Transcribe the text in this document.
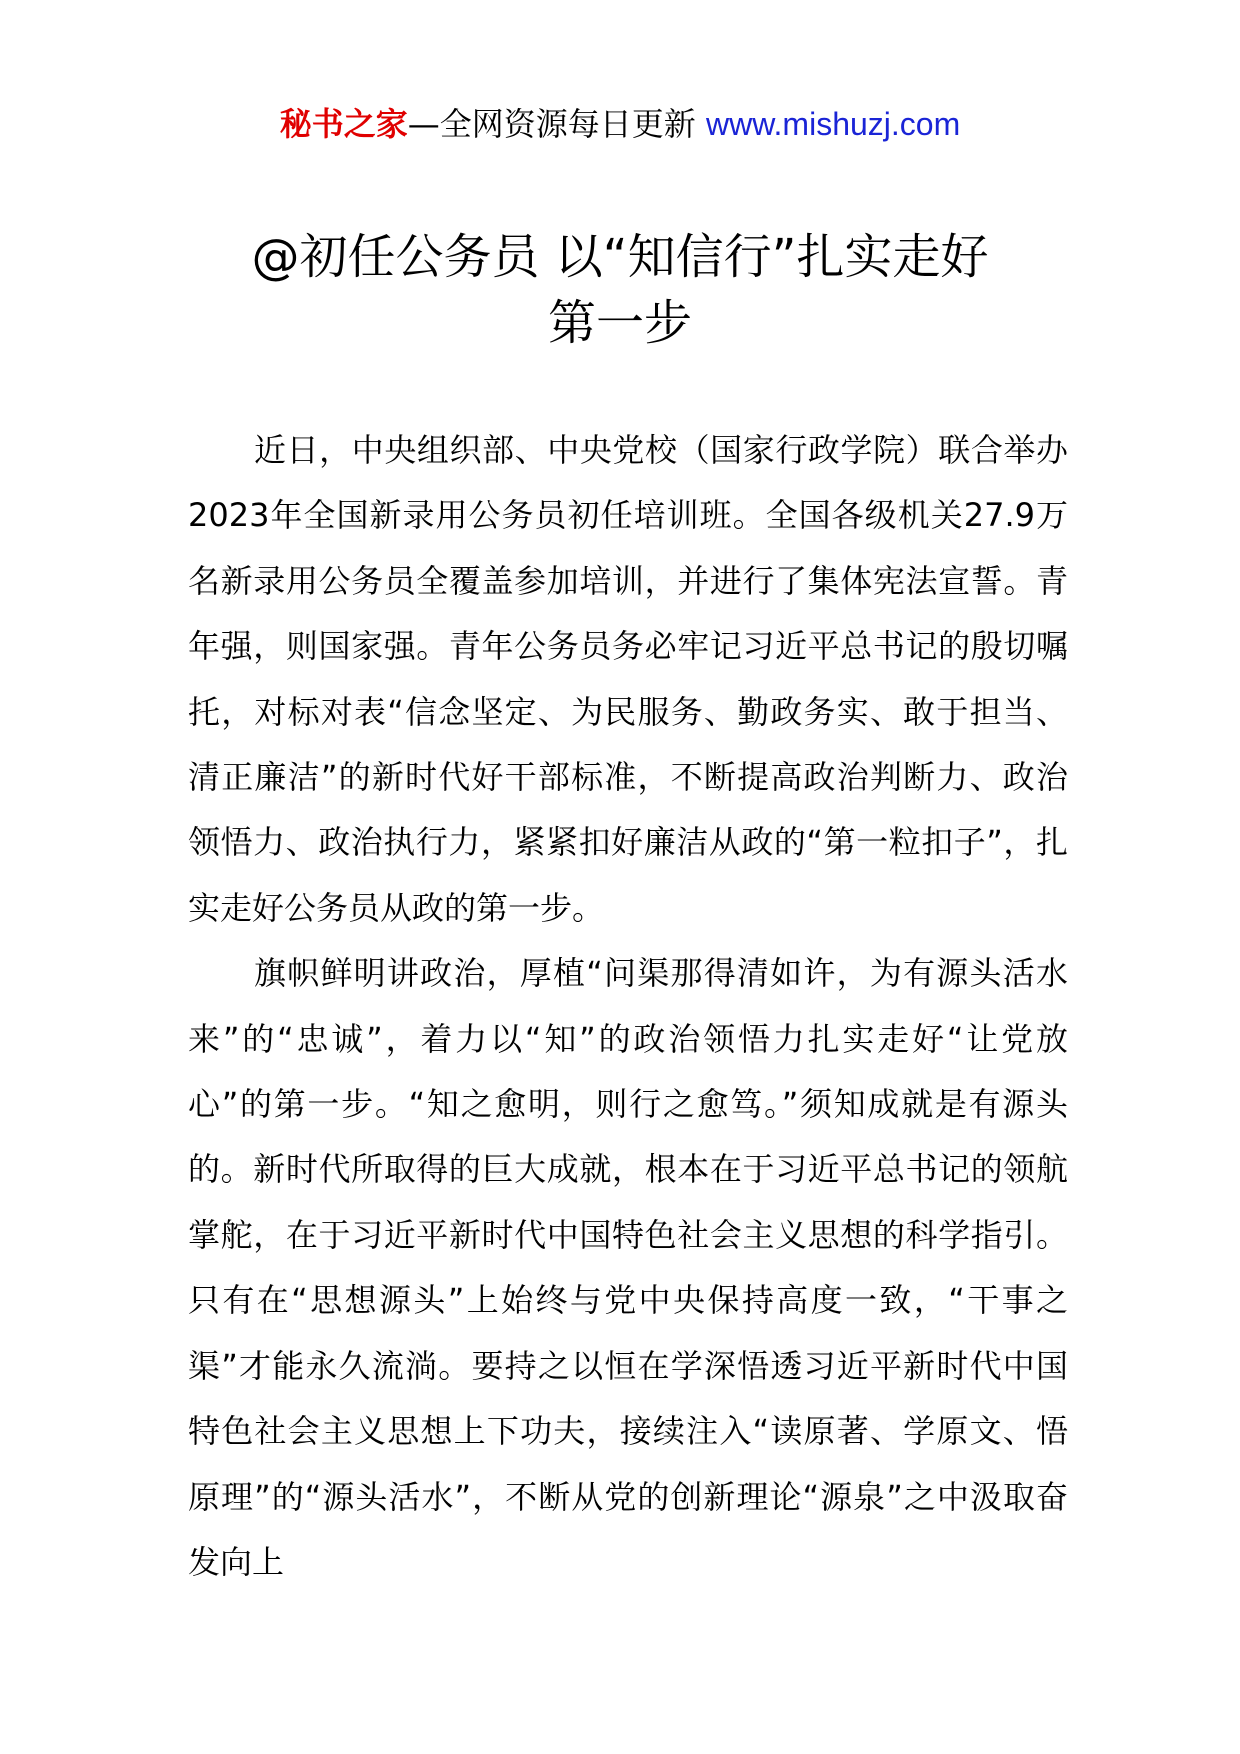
秘书之家—全网资源每日更新 www.mishuzj.com
@初任公务员 以“知信行”扎实走好
第一步

近日，中央组织部、中央党校（国家行政学院）联合举办2023年全国新录用公务员初任培训班。全国各级机关27.9万名新录用公务员全覆盖参加培训，并进行了集体宪法宣誓。青年强，则国家强。青年公务员务必牢记习近平总书记的殷切嘱托，对标对表“信念坚定、为民服务、勤政务实、敢于担当、清正廉洁”的新时代好干部标准，不断提高政治判断力、政治领悟力、政治执行力，紧紧扣好廉洁从政的“第一粒扣子”，扎实走好公务员从政的第一步。

旗帜鲜明讲政治，厚植“问渠那得清如许，为有源头活水来”的“忠诚”，着力以“知”的政治领悟力扎实走好“让党放心”的第一步。“知之愈明，则行之愈笃。”须知成就是有源头的。新时代所取得的巨大成就，根本在于习近平总书记的领航掌舵，在于习近平新时代中国特色社会主义思想的科学指引。只有在“思想源头”上始终与党中央保持高度一致，“干事之渠”才能永久流淌。要持之以恒在学深悟透习近平新时代中国特色社会主义思想上下功夫，接续注入“读原著、学原文、悟原理”的“源头活水”，不断从党的创新理论“源泉”之中汲取奋发向上
